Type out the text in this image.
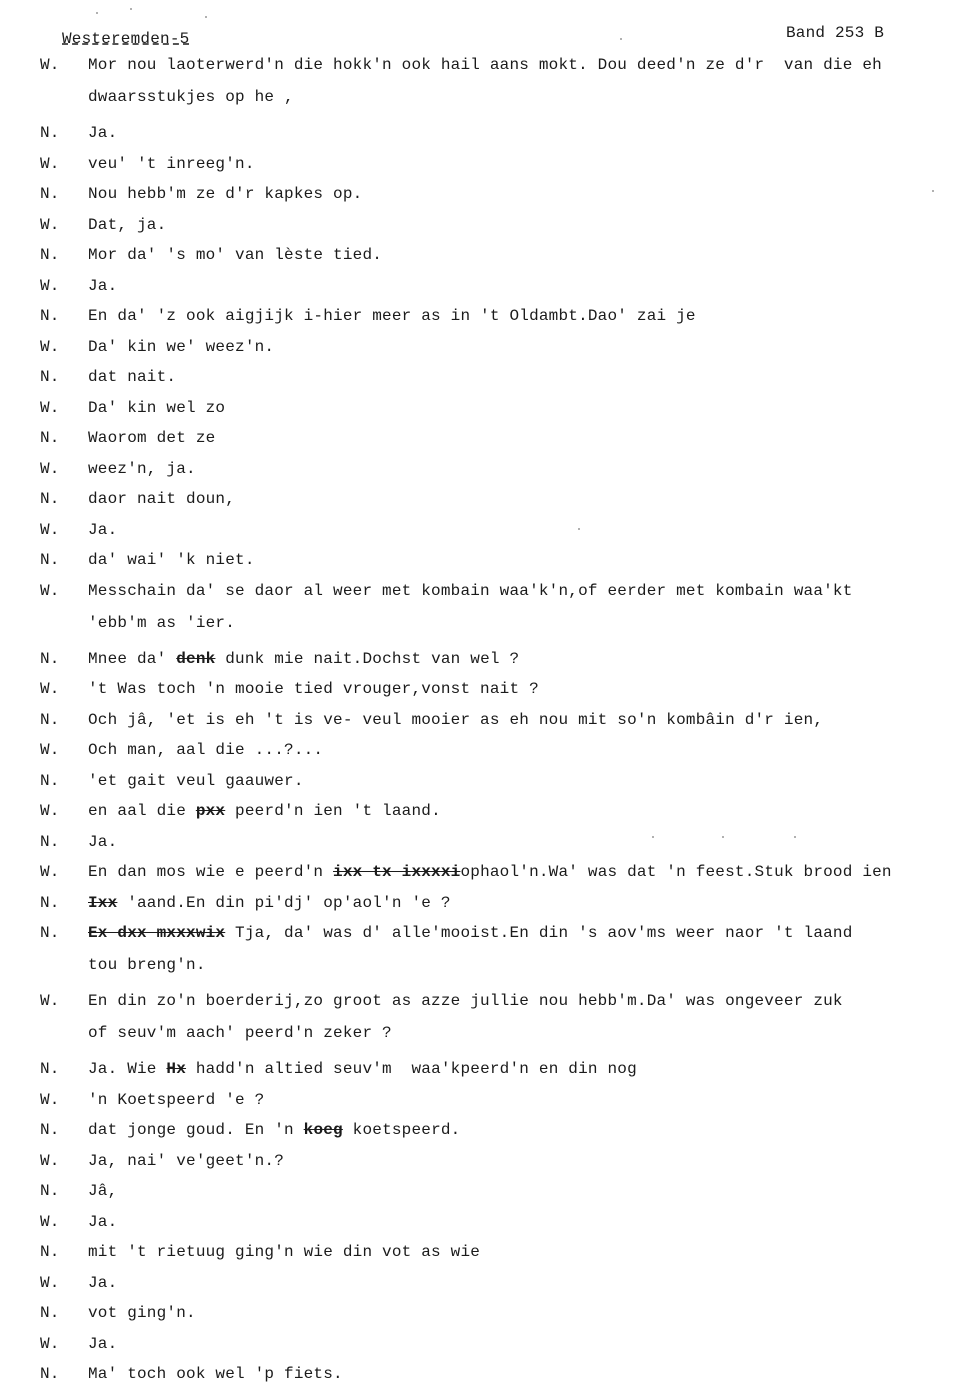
Westeremden-5	Band 253 B
W.	Mor nou laoterwerd'n die hokk'n ook hail aans mokt. Dou deed'n ze d'r  van die eh
dwaarsstukjes op he ,
N.	Ja.
W.	veu' 't inreeg'n.
N.	Nou hebb'm ze d'r kapkes op.
W.	Dat, ja.
N.	Mor da' 's mo' van lèste tied.
W.	Ja.
N.	En da' 'z ook aigjijk i-hier meer as in 't Oldambt.Dao' zai je
W.	Da' kin we' weez'n.
N.	dat nait.
W.	Da' kin wel zo
N.	Waorom det ze
W.	weez'n, ja.
N.	daor nait doun,
W.	Ja.
N.	da' wai' 'k niet.
W.	Messchain da' se daor al weer met kombain waa'k'n,of eerder met kombain waa'kt
'ebb'm as 'ier.
N.	Mnee da' denk dunk mie nait.Dochst van wel ?
W.	't Was toch 'n mooie tied vrouger,vonst nait ?
N.	Och jâ, 'et is eh 't is ve- veul mooier as eh nou mit so'n kombâin d'r ien,
W.	Och man, aal die ...?...
N.	'et gait veul gaauwer.
W.	en aal die pxx peerd'n ien 't laand.
N.	Ja.
W.	En dan mos wie e peerd'n ixx tx ixxxxiophaol'n.Wa' was dat 'n feest.Stuk brood ien
N.	Ixx 'aand.En din pi'dj' op'aol'n 'e ?
N.	Ex dxx mxxxwix Tja, da' was d' alle'mooist.En din 's aov'ms weer naor 't laand
tou breng'n.
W.	En din zo'n boerderij,zo groot as azze jullie nou hebb'm.Da' was ongeveer zuk
of seuv'm aach' peerd'n zeker ?
N.	Ja. Wie Hx hadd'n altied seuv'm  waa'kpeerd'n en din nog
W.	'n Koetspeerd 'e ?
N.	dat jonge goud. En 'n koeg koetspeerd.
W.	Ja, nai' ve'geet'n.?
N.	Jâ,
W.	Ja.
N.	mit 't rietuug ging'n wie din vot as wie
W.	Ja.
N.	vot ging'n.
W.	Ja.
N.	Ma' toch ook wel 'p fiets.
